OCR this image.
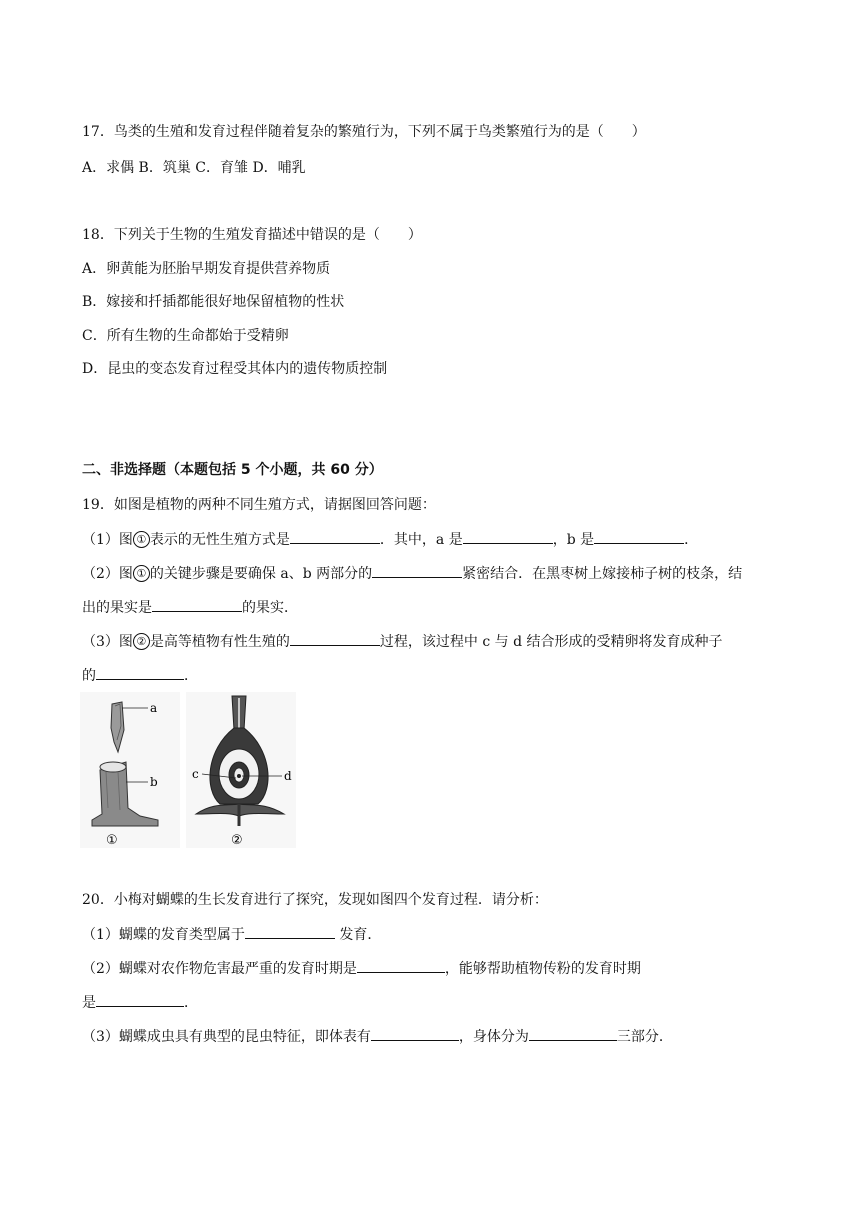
17．鸟类的生殖和发育过程伴随着复杂的繁殖行为，下列不属于鸟类繁殖行为的是（　　）
A．求偶 B．筑巢 C．育雏 D．哺乳
18．下列关于生物的生殖发育描述中错误的是（　　）
A．卵黄能为胚胎早期发育提供营养物质
B．嫁接和扦插都能很好地保留植物的性状
C．所有生物的生命都始于受精卵
D．昆虫的变态发育过程受其体内的遗传物质控制
二、非选择题（本题包括 5 个小题，共 60 分）
19．如图是植物的两种不同生殖方式，请据图回答问题：
（1）图 ① 表示的无性生殖方式是	．其中，a 是	，b 是	．
（2）图 ① 的关键步骤是要确保 a、b 两部分的	紧密结合．在黑枣树上嫁接柿子树的枝条，结
出的果实是	的果实．
（3）图 ② 是高等植物有性生殖的	过程，该过程中 c 与 d 结合形成的受精卵将发育成种子
的	．
a
b
①
c	d
②
20．小梅对蝴蝶的生长发育进行了探究，发现如图四个发育过程．请分析：
（1）蝴蝶的发育类型属于	发育．
（2）蝴蝶对农作物危害最严重的发育时期是	，能够帮助植物传粉的发育时期
是	．
（3）蝴蝶成虫具有典型的昆虫特征，即体表有	，身体分为	三部分．
